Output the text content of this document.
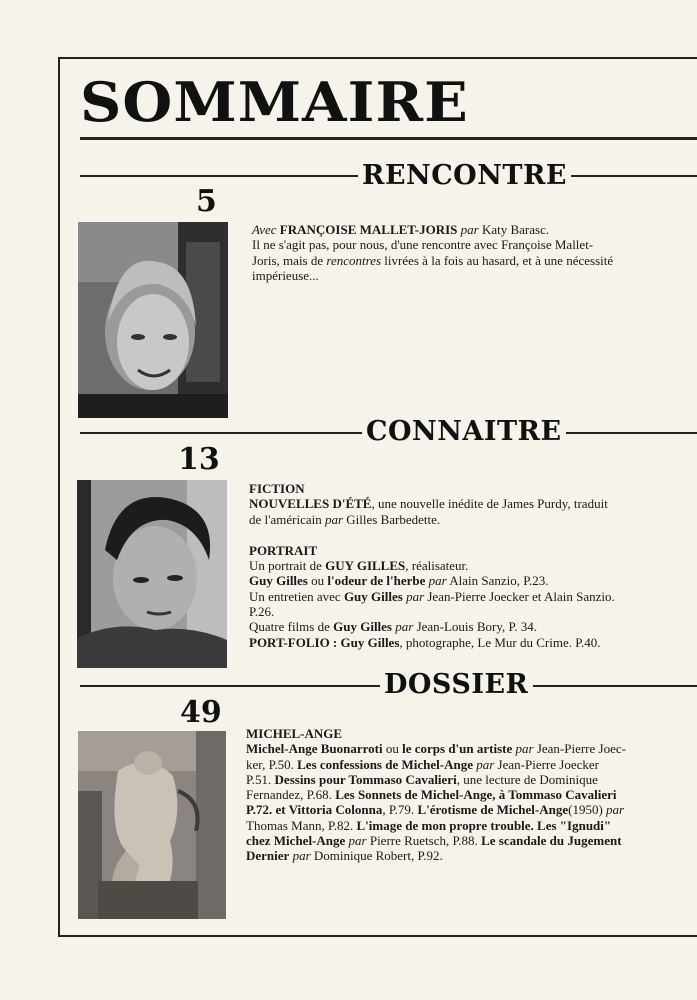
SOMMAIRE
RENCONTRE
5

Avec FRANÇOISE MALLET-JORIS par Katy Barasc.

Il ne s'agit pas, pour nous, d'une rencontre avec Françoise Mallet-

Joris, mais de rencontres livrées à la fois au hasard, et à une nécessité

impérieuse...

CONNAITRE
13

FICTION

NOUVELLES D'ÉTÉ, une nouvelle inédite de James Purdy, traduit

de l'américain par Gilles Barbedette.

PORTRAIT

Un portrait de GUY GILLES, réalisateur.

Guy Gilles ou l'odeur de l'herbe par Alain Sanzio, P.23.

Un entretien avec Guy Gilles par Jean-Pierre Joecker et Alain Sanzio.

P.26.

Quatre films de Guy Gilles par Jean-Louis Bory, P. 34.

PORT-FOLIO : Guy Gilles, photographe, Le Mur du Crime. P.40.

DOSSIER
49

MICHEL-ANGE

Michel-Ange Buonarroti ou le corps d'un artiste par Jean-Pierre Joec-

ker, P.50. Les confessions de Michel-Ange par Jean-Pierre Joecker

P.51. Dessins pour Tommaso Cavalieri, une lecture de Dominique

Fernandez, P.68. Les Sonnets de Michel-Ange, à Tommaso Cavalieri

P.72. et Vittoria Colonna, P.79. L'érotisme de Michel-Ange(1950) par

Thomas Mann, P.82. L'image de mon propre trouble. Les "Ignudi"

chez Michel-Ange par Pierre Ruetsch, P.88. Le scandale du Jugement

Dernier par Dominique Robert, P.92.
